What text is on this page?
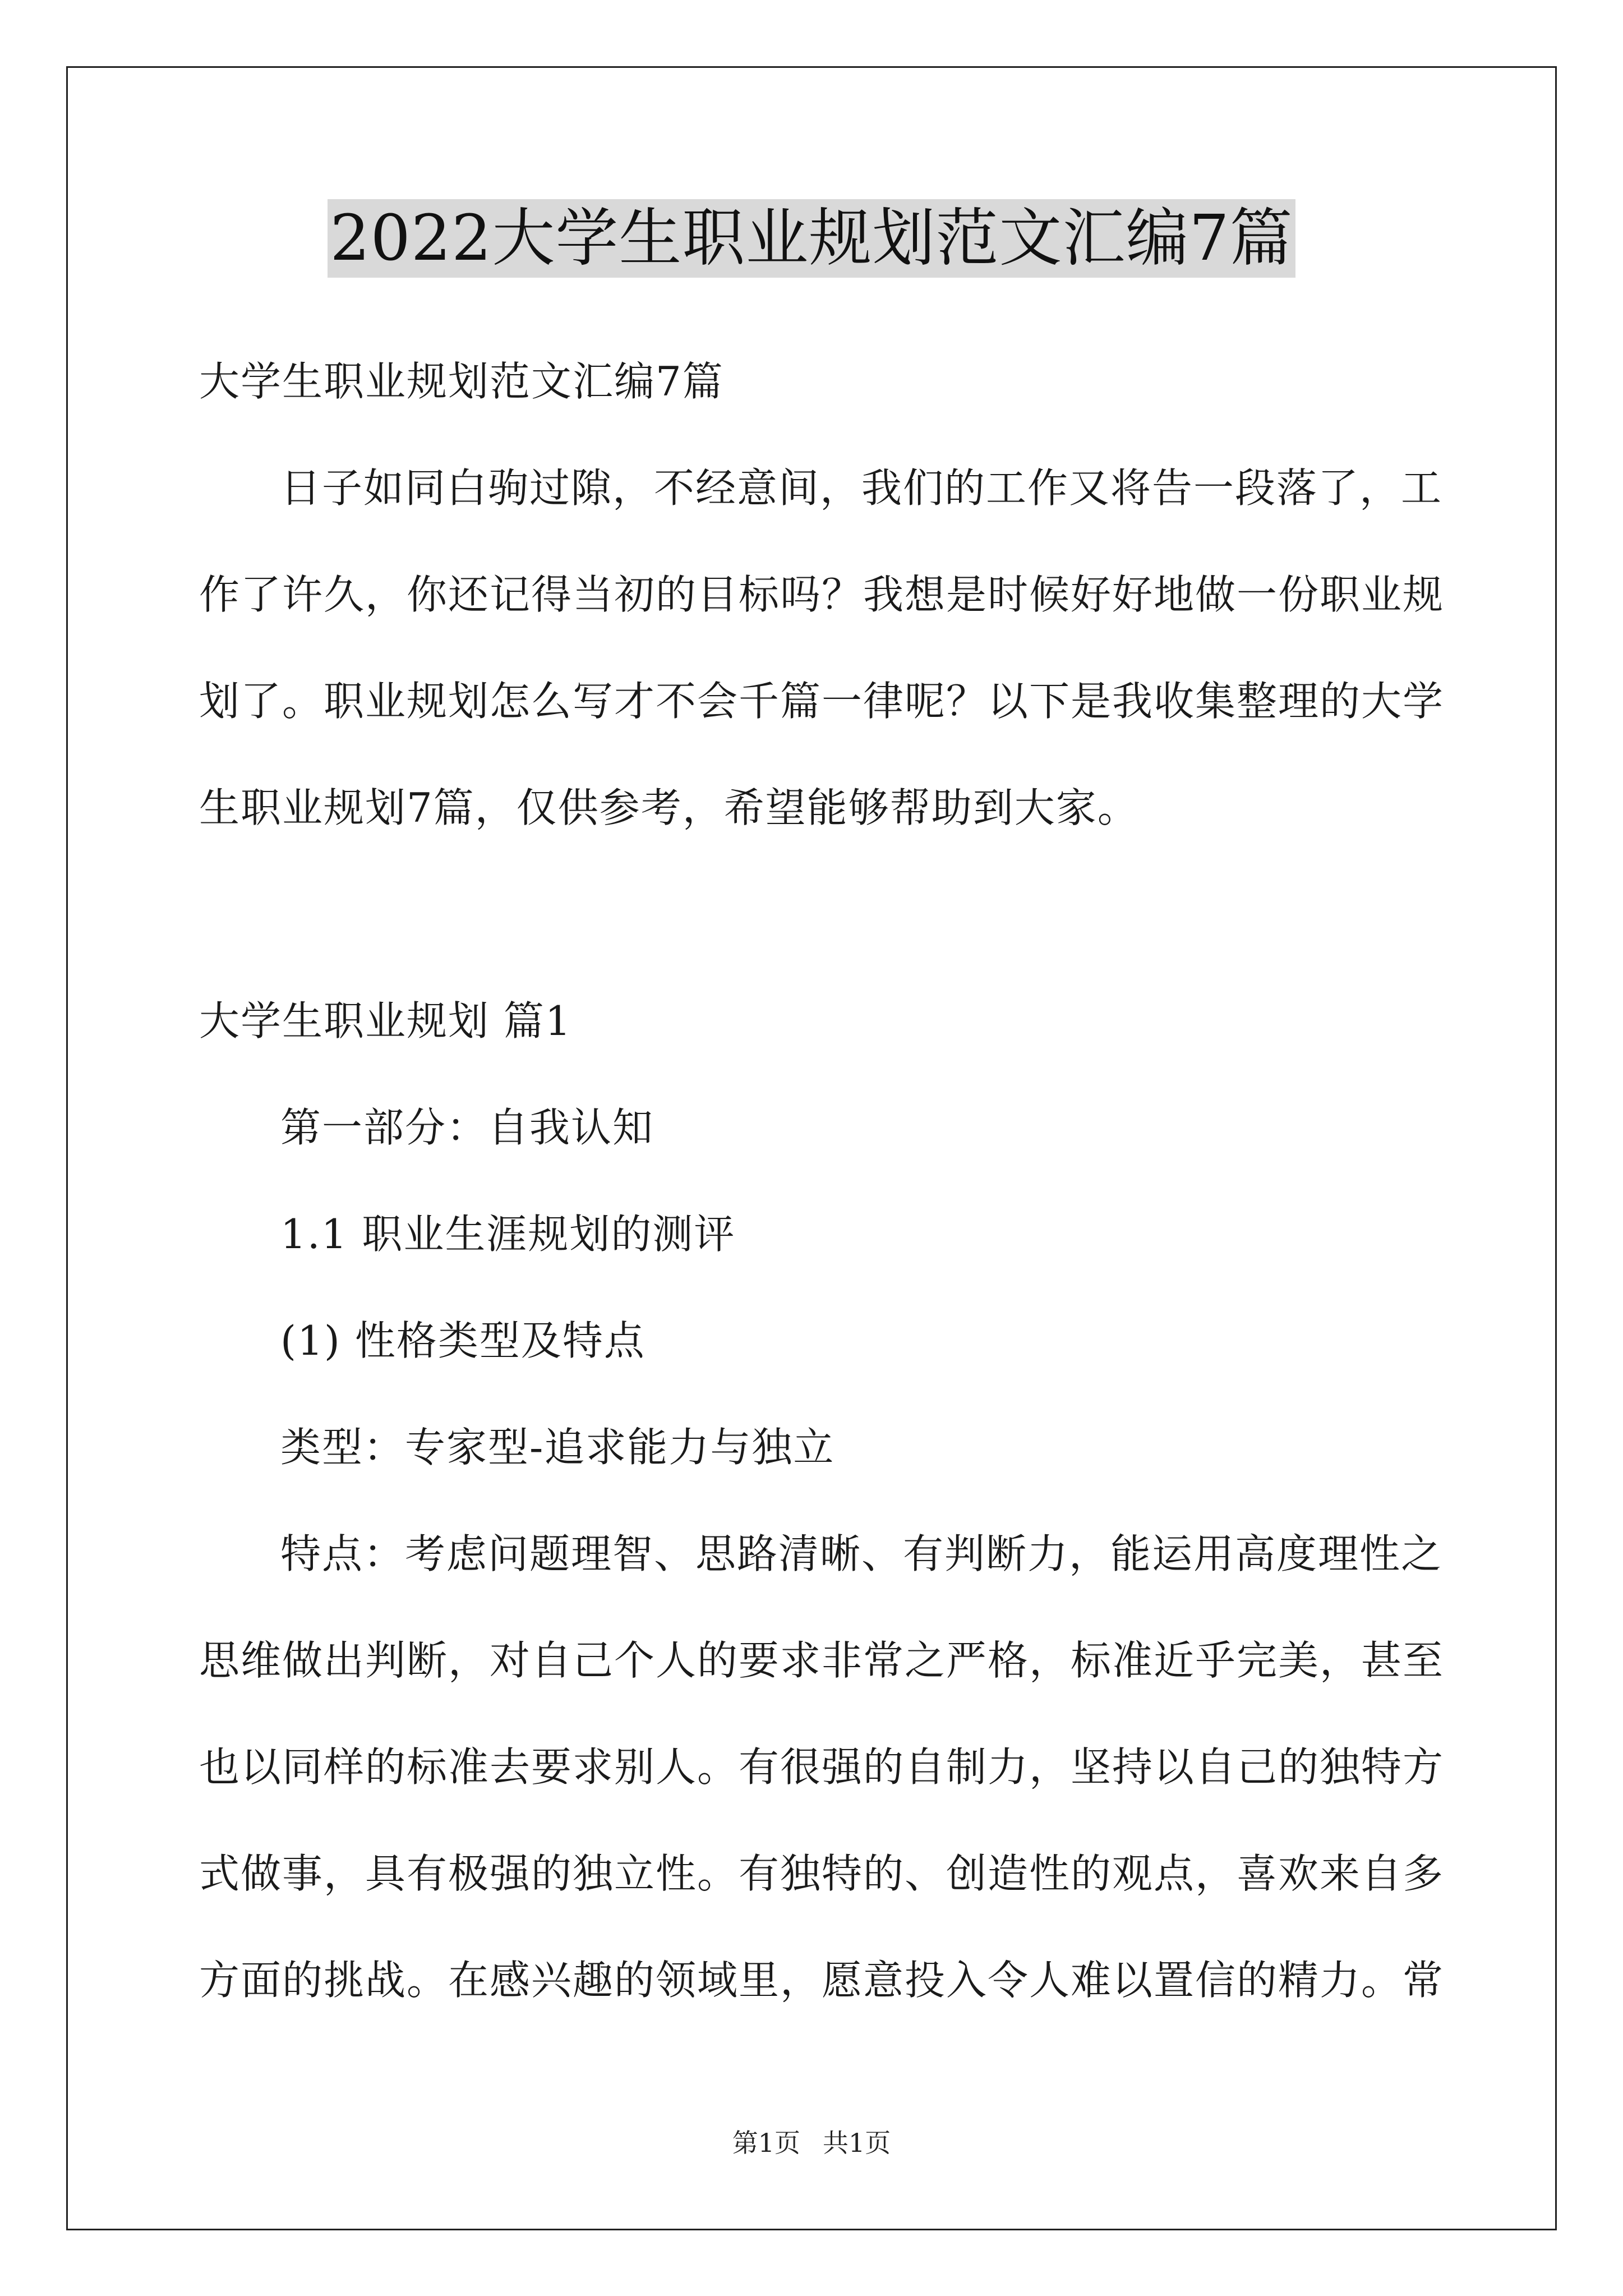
2022大学生职业规划范文汇编7篇
大学生职业规划范文汇编7篇
日子如同白驹过隙，不经意间，我们的工作又将告一段落了，工
作了许久，你还记得当初的目标吗？我想是时候好好地做一份职业规
划了。职业规划怎么写才不会千篇一律呢？以下是我收集整理的大学
生职业规划7篇，仅供参考，希望能够帮助到大家。
大学生职业规划 篇1
第一部分：自我认知
1.1 职业生涯规划的测评
(1) 性格类型及特点
类型：专家型-追求能力与独立
特点：考虑问题理智、思路清晰、有判断力，能运用高度理性之
思维做出判断，对自己个人的要求非常之严格，标准近乎完美，甚至
也以同样的标准去要求别人。有很强的自制力，坚持以自己的独特方
式做事，具有极强的独立性。有独特的、创造性的观点，喜欢来自多
方面的挑战。在感兴趣的领域里，愿意投入令人难以置信的精力。常
第1页 共1页
